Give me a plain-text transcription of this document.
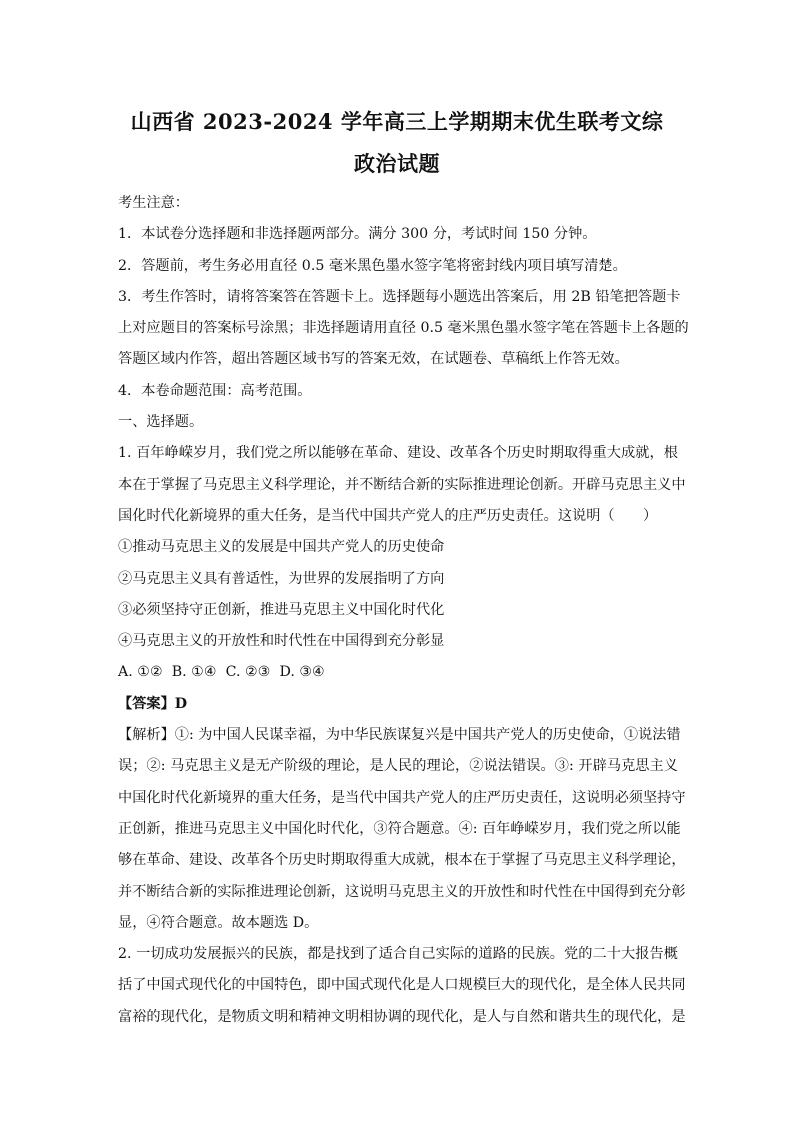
山西省 2023-2024 学年高三上学期期末优生联考文综
政治试题

考生注意：

1．本试卷分选择题和非选择题两部分。满分 300 分，考试时间 150 分钟。

2．答题前，考生务必用直径 0.5 毫米黑色墨水签字笔将密封线内项目填写清楚。

3．考生作答时，请将答案答在答题卡上。选择题每小题选出答案后，用 2B 铅笔把答题卡

上对应题目的答案标号涂黑；非选择题请用直径 0.5 毫米黑色墨水签字笔在答题卡上各题的

答题区域内作答，超出答题区域书写的答案无效，在试题卷、草稿纸上作答无效。

4．本卷命题范围：高考范围。

一、选择题。

1. 百年峥嵘岁月，我们党之所以能够在革命、建设、改革各个历史时期取得重大成就，根

本在于掌握了马克思主义科学理论，并不断结合新的实际推进理论创新。开辟马克思主义中

国化时代化新境界的重大任务，是当代中国共产党人的庄严历史责任。这说明（　　）

①推动马克思主义的发展是中国共产党人的历史使命

②马克思主义具有普适性，为世界的发展指明了方向

③必须坚持守正创新，推进马克思主义中国化时代化

④马克思主义的开放性和时代性在中国得到充分彰显

A. ①②  B. ①④  C. ②③  D. ③④

【答案】D

【解析】①: 为中国人民谋幸福，为中华民族谋复兴是中国共产党人的历史使命，①说法错

误；②: 马克思主义是无产阶级的理论，是人民的理论，②说法错误。③: 开辟马克思主义

中国化时代化新境界的重大任务，是当代中国共产党人的庄严历史责任，这说明必须坚持守

正创新，推进马克思主义中国化时代化，③符合题意。④: 百年峥嵘岁月，我们党之所以能

够在革命、建设、改革各个历史时期取得重大成就，根本在于掌握了马克思主义科学理论，

并不断结合新的实际推进理论创新，这说明马克思主义的开放性和时代性在中国得到充分彰

显，④符合题意。故本题选 D。

2. 一切成功发展振兴的民族，都是找到了适合自己实际的道路的民族。党的二十大报告概

括了中国式现代化的中国特色，即中国式现代化是人口规模巨大的现代化，是全体人民共同

富裕的现代化，是物质文明和精神文明相协调的现代化，是人与自然和谐共生的现代化，是
